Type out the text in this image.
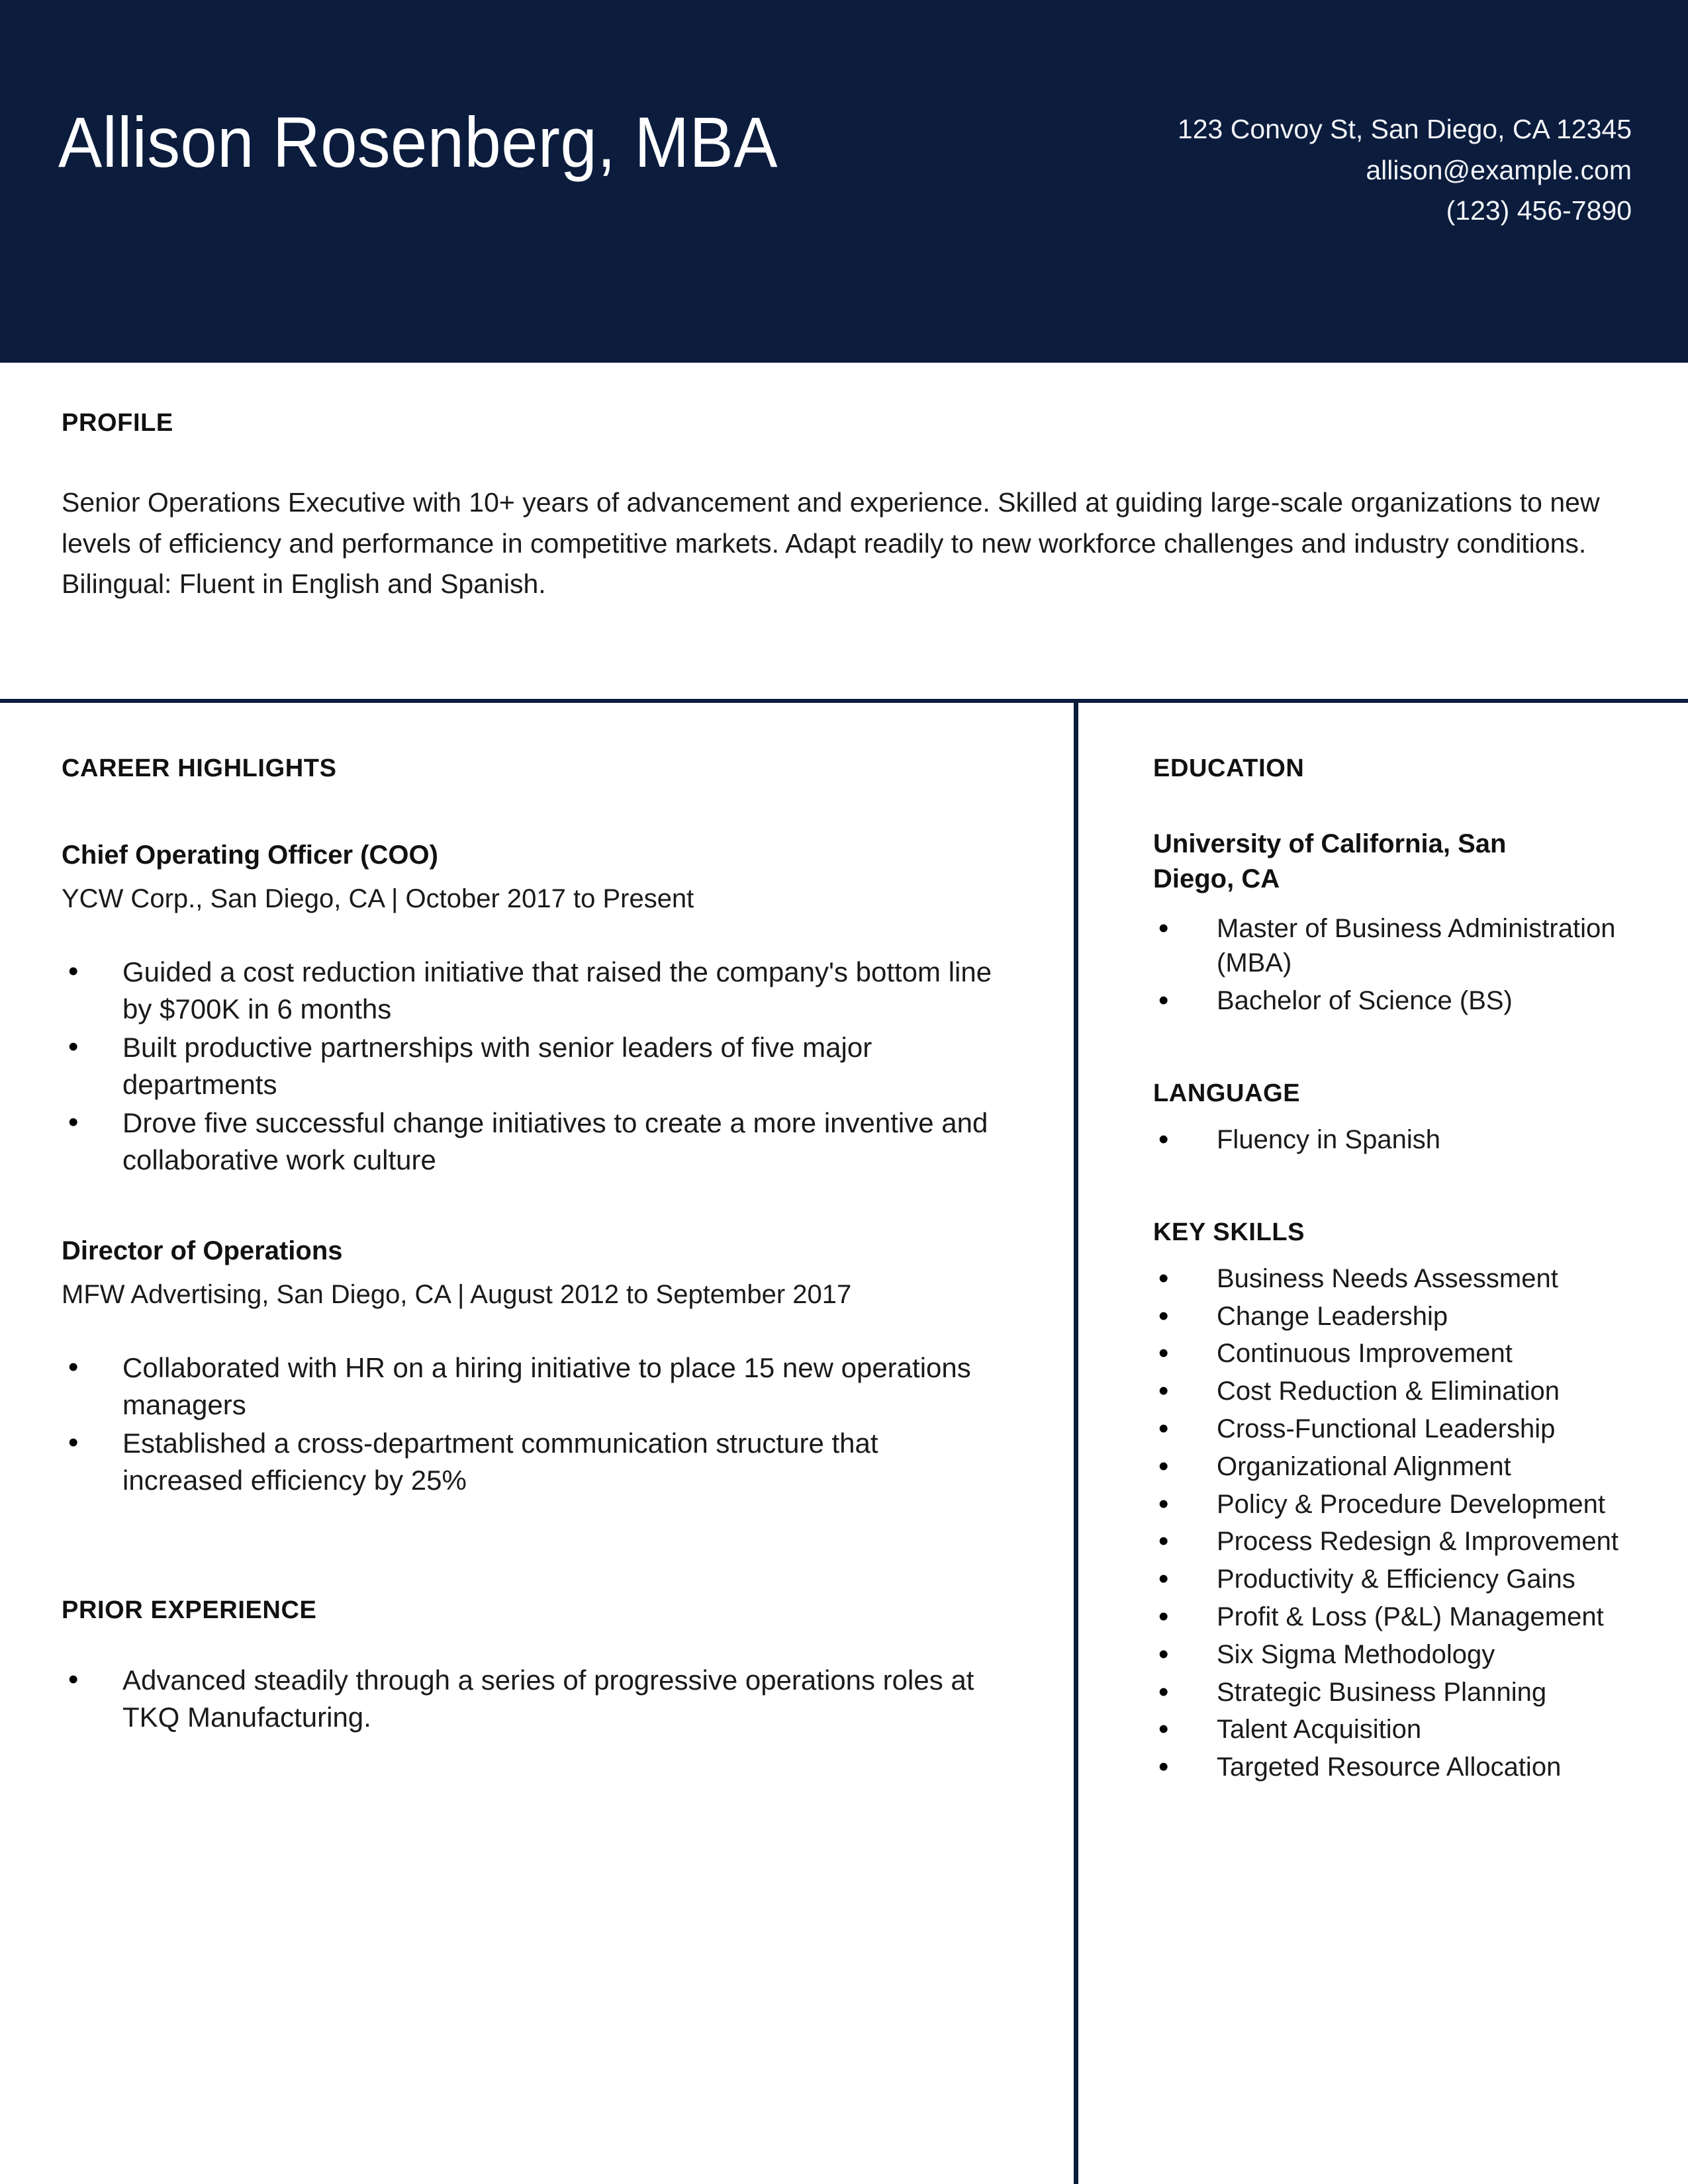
Allison Rosenberg, MBA	123 Convoy St, San Diego, CA 12345
allison@example.com
(123) 456-7890
PROFILE
Senior Operations Executive with 10+ years of advancement and experience. Skilled at guiding large-scale organizations to new levels of efficiency and performance in competitive markets. Adapt readily to new workforce challenges and industry conditions. Bilingual: Fluent in English and Spanish.
CAREER HIGHLIGHTS
Chief Operating Officer (COO)
YCW Corp., San Diego, CA | October 2017 to Present
• Guided a cost reduction initiative that raised the company's bottom line by $700K in 6 months
• Built productive partnerships with senior leaders of five major departments
• Drove five successful change initiatives to create a more inventive and collaborative work culture
Director of Operations
MFW Advertising, San Diego, CA | August 2012 to September 2017
• Collaborated with HR on a hiring initiative to place 15 new operations managers
• Established a cross-department communication structure that increased efficiency by 25%
PRIOR EXPERIENCE
• Advanced steadily through a series of progressive operations roles at TKQ Manufacturing.
EDUCATION
University of California, San Diego, CA
• Master of Business Administration (MBA)
• Bachelor of Science (BS)
LANGUAGE
• Fluency in Spanish
KEY SKILLS
• Business Needs Assessment
• Change Leadership
• Continuous Improvement
• Cost Reduction & Elimination
• Cross-Functional Leadership
• Organizational Alignment
• Policy & Procedure Development
• Process Redesign & Improvement
• Productivity & Efficiency Gains
• Profit & Loss (P&L) Management
• Six Sigma Methodology
• Strategic Business Planning
• Talent Acquisition
• Targeted Resource Allocation
